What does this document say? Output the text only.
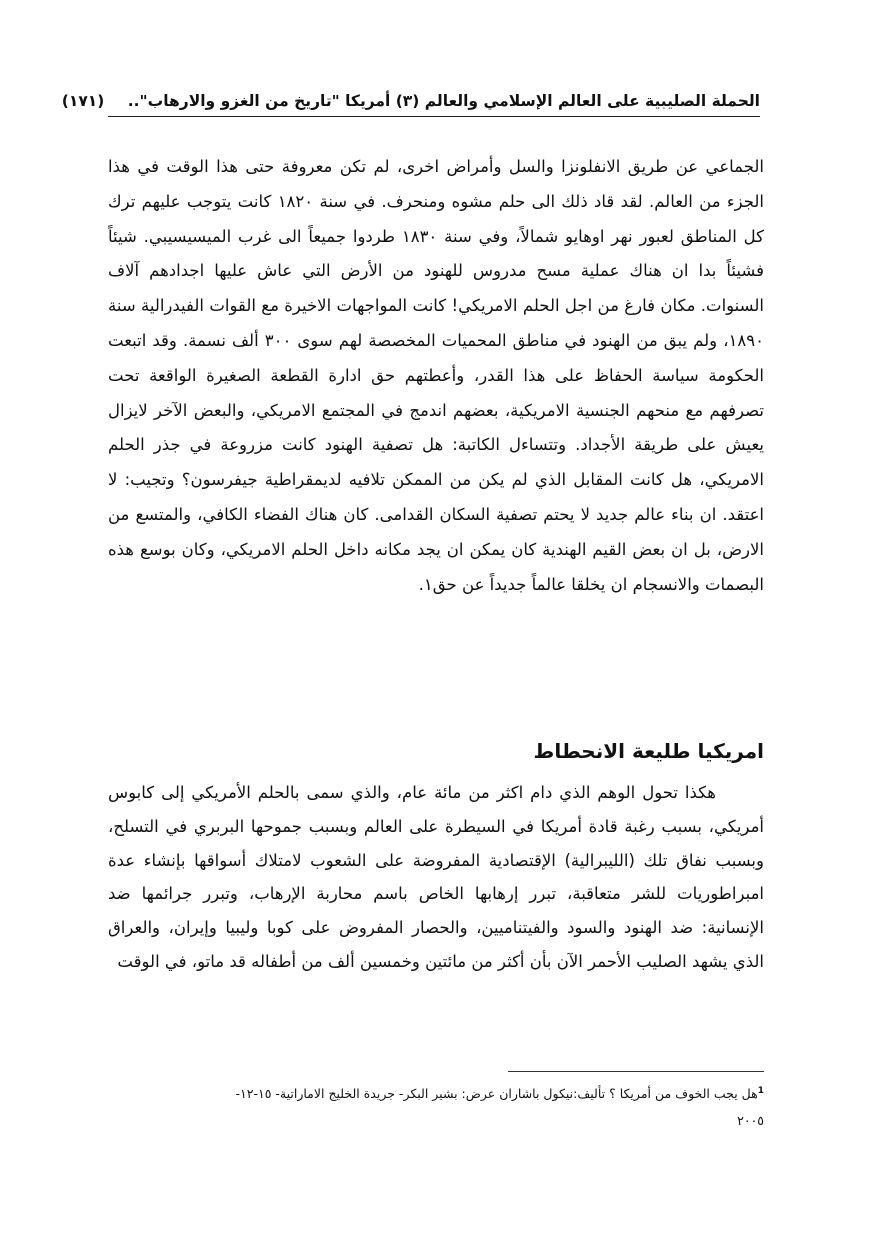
الحملة الصليبية على العالم الإسلامي والعالم (٣) أمريكا "تاريخ من الغزو والارهاب".. (١٧١)

الجماعي عن طريق الانفلونزا والسل وأمراض اخرى، لم تكن معروفة حتى هذا الوقت في هذا الجزء من العالم. لقد قاد ذلك الى حلم مشوه ومنحرف. في سنة ١٨٢٠ كانت يتوجب عليهم ترك كل المناطق لعبور نهر اوهايو شمالاً، وفي سنة ١٨٣٠ طردوا جميعاً الى غرب الميسيسيبي. شيئاً فشيئاً بدا ان هناك عملية مسح مدروس للهنود من الأرض التي عاش عليها اجدادهم آلاف السنوات. مكان فارغ من اجل الحلم الامريكي! كانت المواجهات الاخيرة مع القوات الفيدرالية سنة ١٨٩٠، ولم يبق من الهنود في مناطق المحميات المخصصة لهم سوى ٣٠٠ ألف نسمة. وقد اتبعت الحكومة سياسة الحفاظ على هذا القدر، وأعطتهم حق ادارة القطعة الصغيرة الواقعة تحت تصرفهم مع منحهم الجنسية الامريكية، بعضهم اندمج في المجتمع الامريكي، والبعض الآخر لايزال يعيش على طريقة الأجداد. وتتساءل الكاتبة: هل تصفية الهنود كانت مزروعة في جذر الحلم الامريكي، هل كانت المقابل الذي لم يكن من الممكن تلافيه لديمقراطية جيفرسون؟ وتجيب: لا اعتقد. ان بناء عالم جديد لا يحتم تصفية السكان القدامى. كان هناك الفضاء الكافي، والمتسع من الارض، بل ان بعض القيم الهندية كان يمكن ان يجد مكانه داخل الحلم الامريكي، وكان بوسع هذه البصمات والانسجام ان يخلقا عالماً جديداً عن حق١.

امريكيا طليعة الانحطاط

هكذا تحول الوهم الذي دام اكثر من مائة عام، والذي سمى بالحلم الأمريكي إلى كابوس أمريكي، بسبب رغبة قادة أمريكا في السيطرة على العالم وبسبب جموحها البربري في التسلح، وبسبب نفاق تلك (الليبرالية) الإقتصادية المفروضة على الشعوب لامتلاك أسواقها بإنشاء عدة امبراطوريات للشر متعاقبة، تبرر إرهابها الخاص باسم محاربة الإرهاب، وتبرر جرائمها ضد الإنسانية: ضد الهنود والسود والفيتناميين، والحصار المفروض على كوبا وليبيا وإيران، والعراق الذي يشهد الصليب الأحمر الآن بأن أكثر من مائتين وخمسين ألف من أطفاله قد ماتو، في الوقت

$^1$هل يجب الخوف من أمريكا ؟ تأليف:نيكول باشاران عرض: بشير البكر- جريدة الخليج الاماراتية- ١٥-١٢-
٢٠٠٥
